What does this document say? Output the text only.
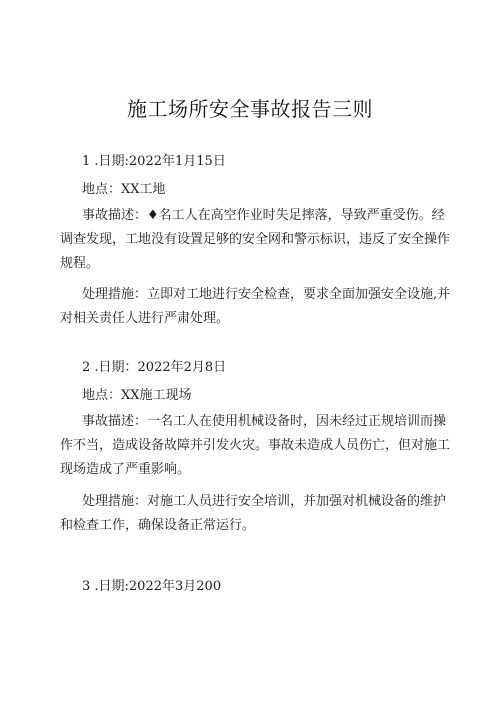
施工场所安全事故报告三则
1 .日期:2022年1月15日
地点：XX工地

事故描述：♦名工人在高空作业时失足摔落，导致严重受伤。经调查发现，工地没有设置足够的安全网和警示标识，违反了安全操作规程。

处理措施：立即对工地进行安全检查，要求全面加强安全设施,并对相关责任人进行严肃处理。

2 .日期：2022年2月8日
地点：XX施工现场

事故描述：一名工人在使用机械设备时，因未经过正规培训而操作不当，造成设备故障并引发火灾。事故未造成人员伤亡，但对施工现场造成了严重影响。

处理措施：对施工人员进行安全培训，并加强对机械设备的维护和检查工作，确保设备正常运行。

3 .日期:2022年3月200
